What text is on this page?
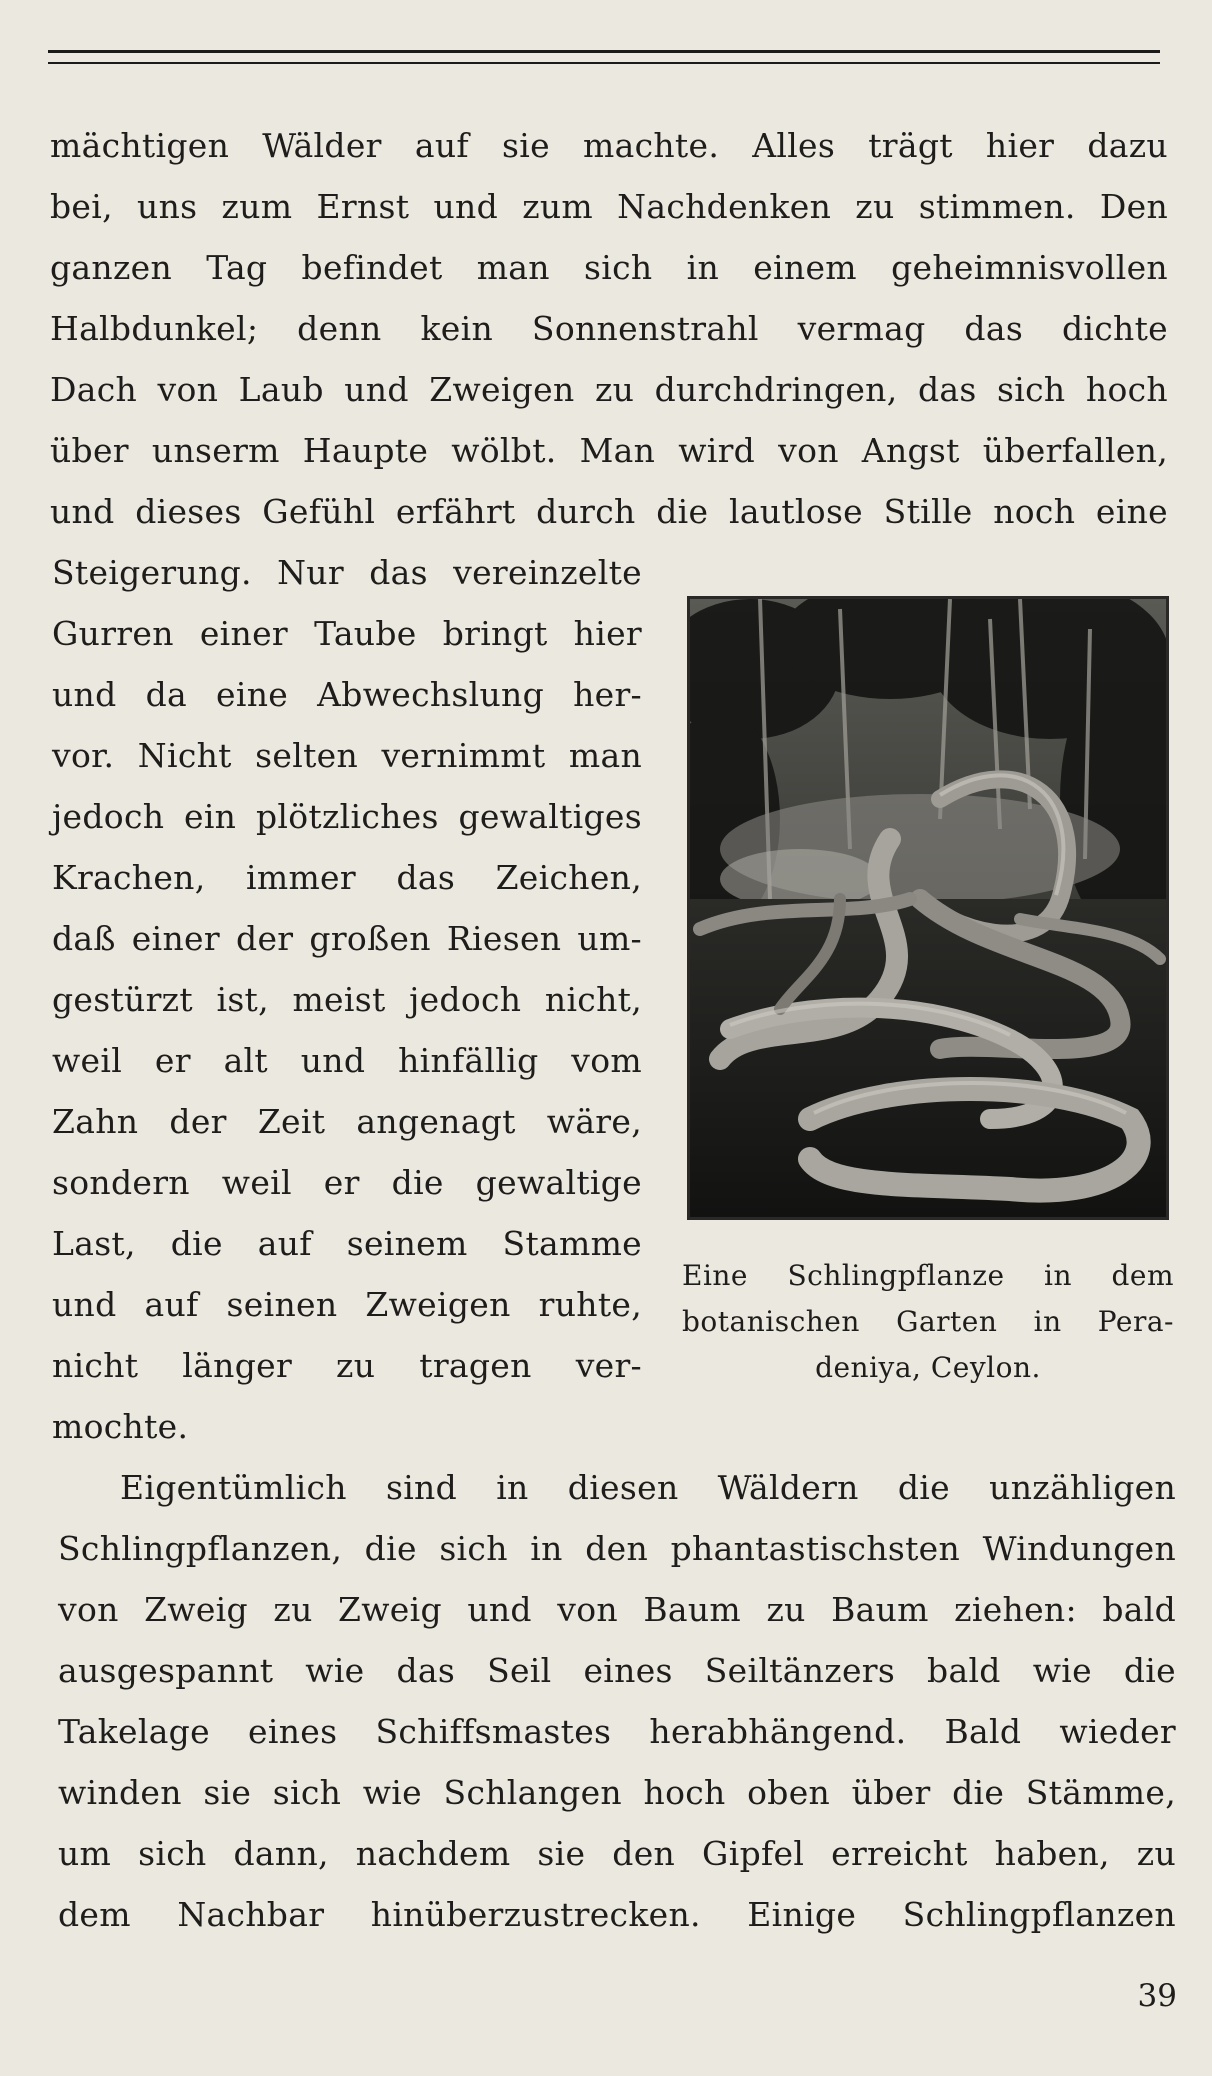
mächtigen Wälder auf sie machte. Alles trägt hier dazu
bei, uns zum Ernst und zum Nachdenken zu stimmen. Den
ganzen Tag befindet man sich in einem geheimnisvollen
Halbdunkel; denn kein Sonnenstrahl vermag das dichte
Dach von Laub und Zweigen zu durchdringen, das sich hoch
über unserm Haupte wölbt. Man wird von Angst überfallen,
und dieses Gefühl erfährt durch die lautlose Stille noch eine
Steigerung. Nur das vereinzelte
Gurren einer Taube bringt hier
und da eine Abwechslung her-
vor. Nicht selten vernimmt man
jedoch ein plötzliches gewaltiges
Krachen, immer das Zeichen,
daß einer der großen Riesen um-
gestürzt ist, meist jedoch nicht,
weil er alt und hinfällig vom
Zahn der Zeit angenagt wäre,
sondern weil er die gewaltige
Last, die auf seinem Stamme
und auf seinen Zweigen ruhte,
nicht länger zu tragen ver-
mochte.
Eigentümlich sind in diesen Wäldern die unzähligen
Schlingpflanzen, die sich in den phantastischsten Windungen
von Zweig zu Zweig und von Baum zu Baum ziehen: bald
ausgespannt wie das Seil eines Seiltänzers bald wie die
Takelage eines Schiffsmastes herabhängend. Bald wieder
winden sie sich wie Schlangen hoch oben über die Stämme,
um sich dann, nachdem sie den Gipfel erreicht haben, zu
dem Nachbar hinüberzustrecken. Einige Schlingpflanzen
Eine Schlingpflanze in dem
botanischen Garten in Pera-
deniya, Ceylon.
39
